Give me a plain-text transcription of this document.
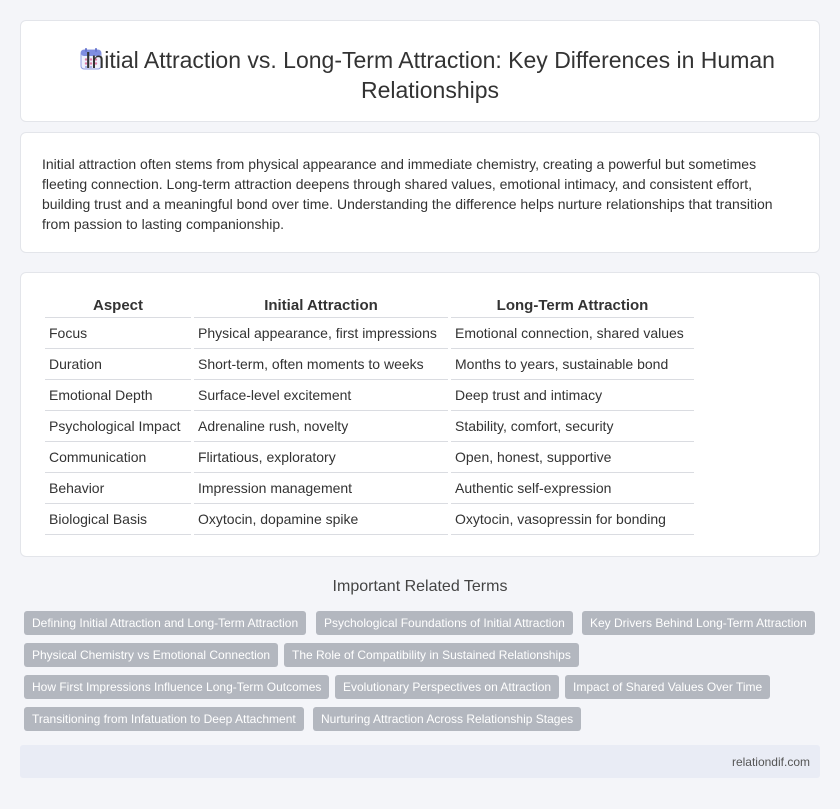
Initial Attraction vs. Long-Term Attraction: Key Differences in Human Relationships

Initial attraction often stems from physical appearance and immediate chemistry, creating a powerful but sometimes fleeting connection. Long-term attraction deepens through shared values, emotional intimacy, and consistent effort, building trust and a meaningful bond over time. Understanding the difference helps nurture relationships that transition from passion to lasting companionship.

Aspect	Initial Attraction	Long-Term Attraction
Focus	Physical appearance, first impressions	Emotional connection, shared values
Duration	Short-term, often moments to weeks	Months to years, sustainable bond
Emotional Depth	Surface-level excitement	Deep trust and intimacy
Psychological Impact	Adrenaline rush, novelty	Stability, comfort, security
Communication	Flirtatious, exploratory	Open, honest, supportive
Behavior	Impression management	Authentic self-expression
Biological Basis	Oxytocin, dopamine spike	Oxytocin, vasopressin for bonding
Important Related Terms
Defining Initial Attraction and Long-Term Attraction	Psychological Foundations of Initial Attraction	Key Drivers Behind Long-Term Attraction
Physical Chemistry vs Emotional Connection	The Role of Compatibility in Sustained Relationships
How First Impressions Influence Long-Term Outcomes	Evolutionary Perspectives on Attraction	Impact of Shared Values Over Time
Transitioning from Infatuation to Deep Attachment	Nurturing Attraction Across Relationship Stages
relationdif.com
